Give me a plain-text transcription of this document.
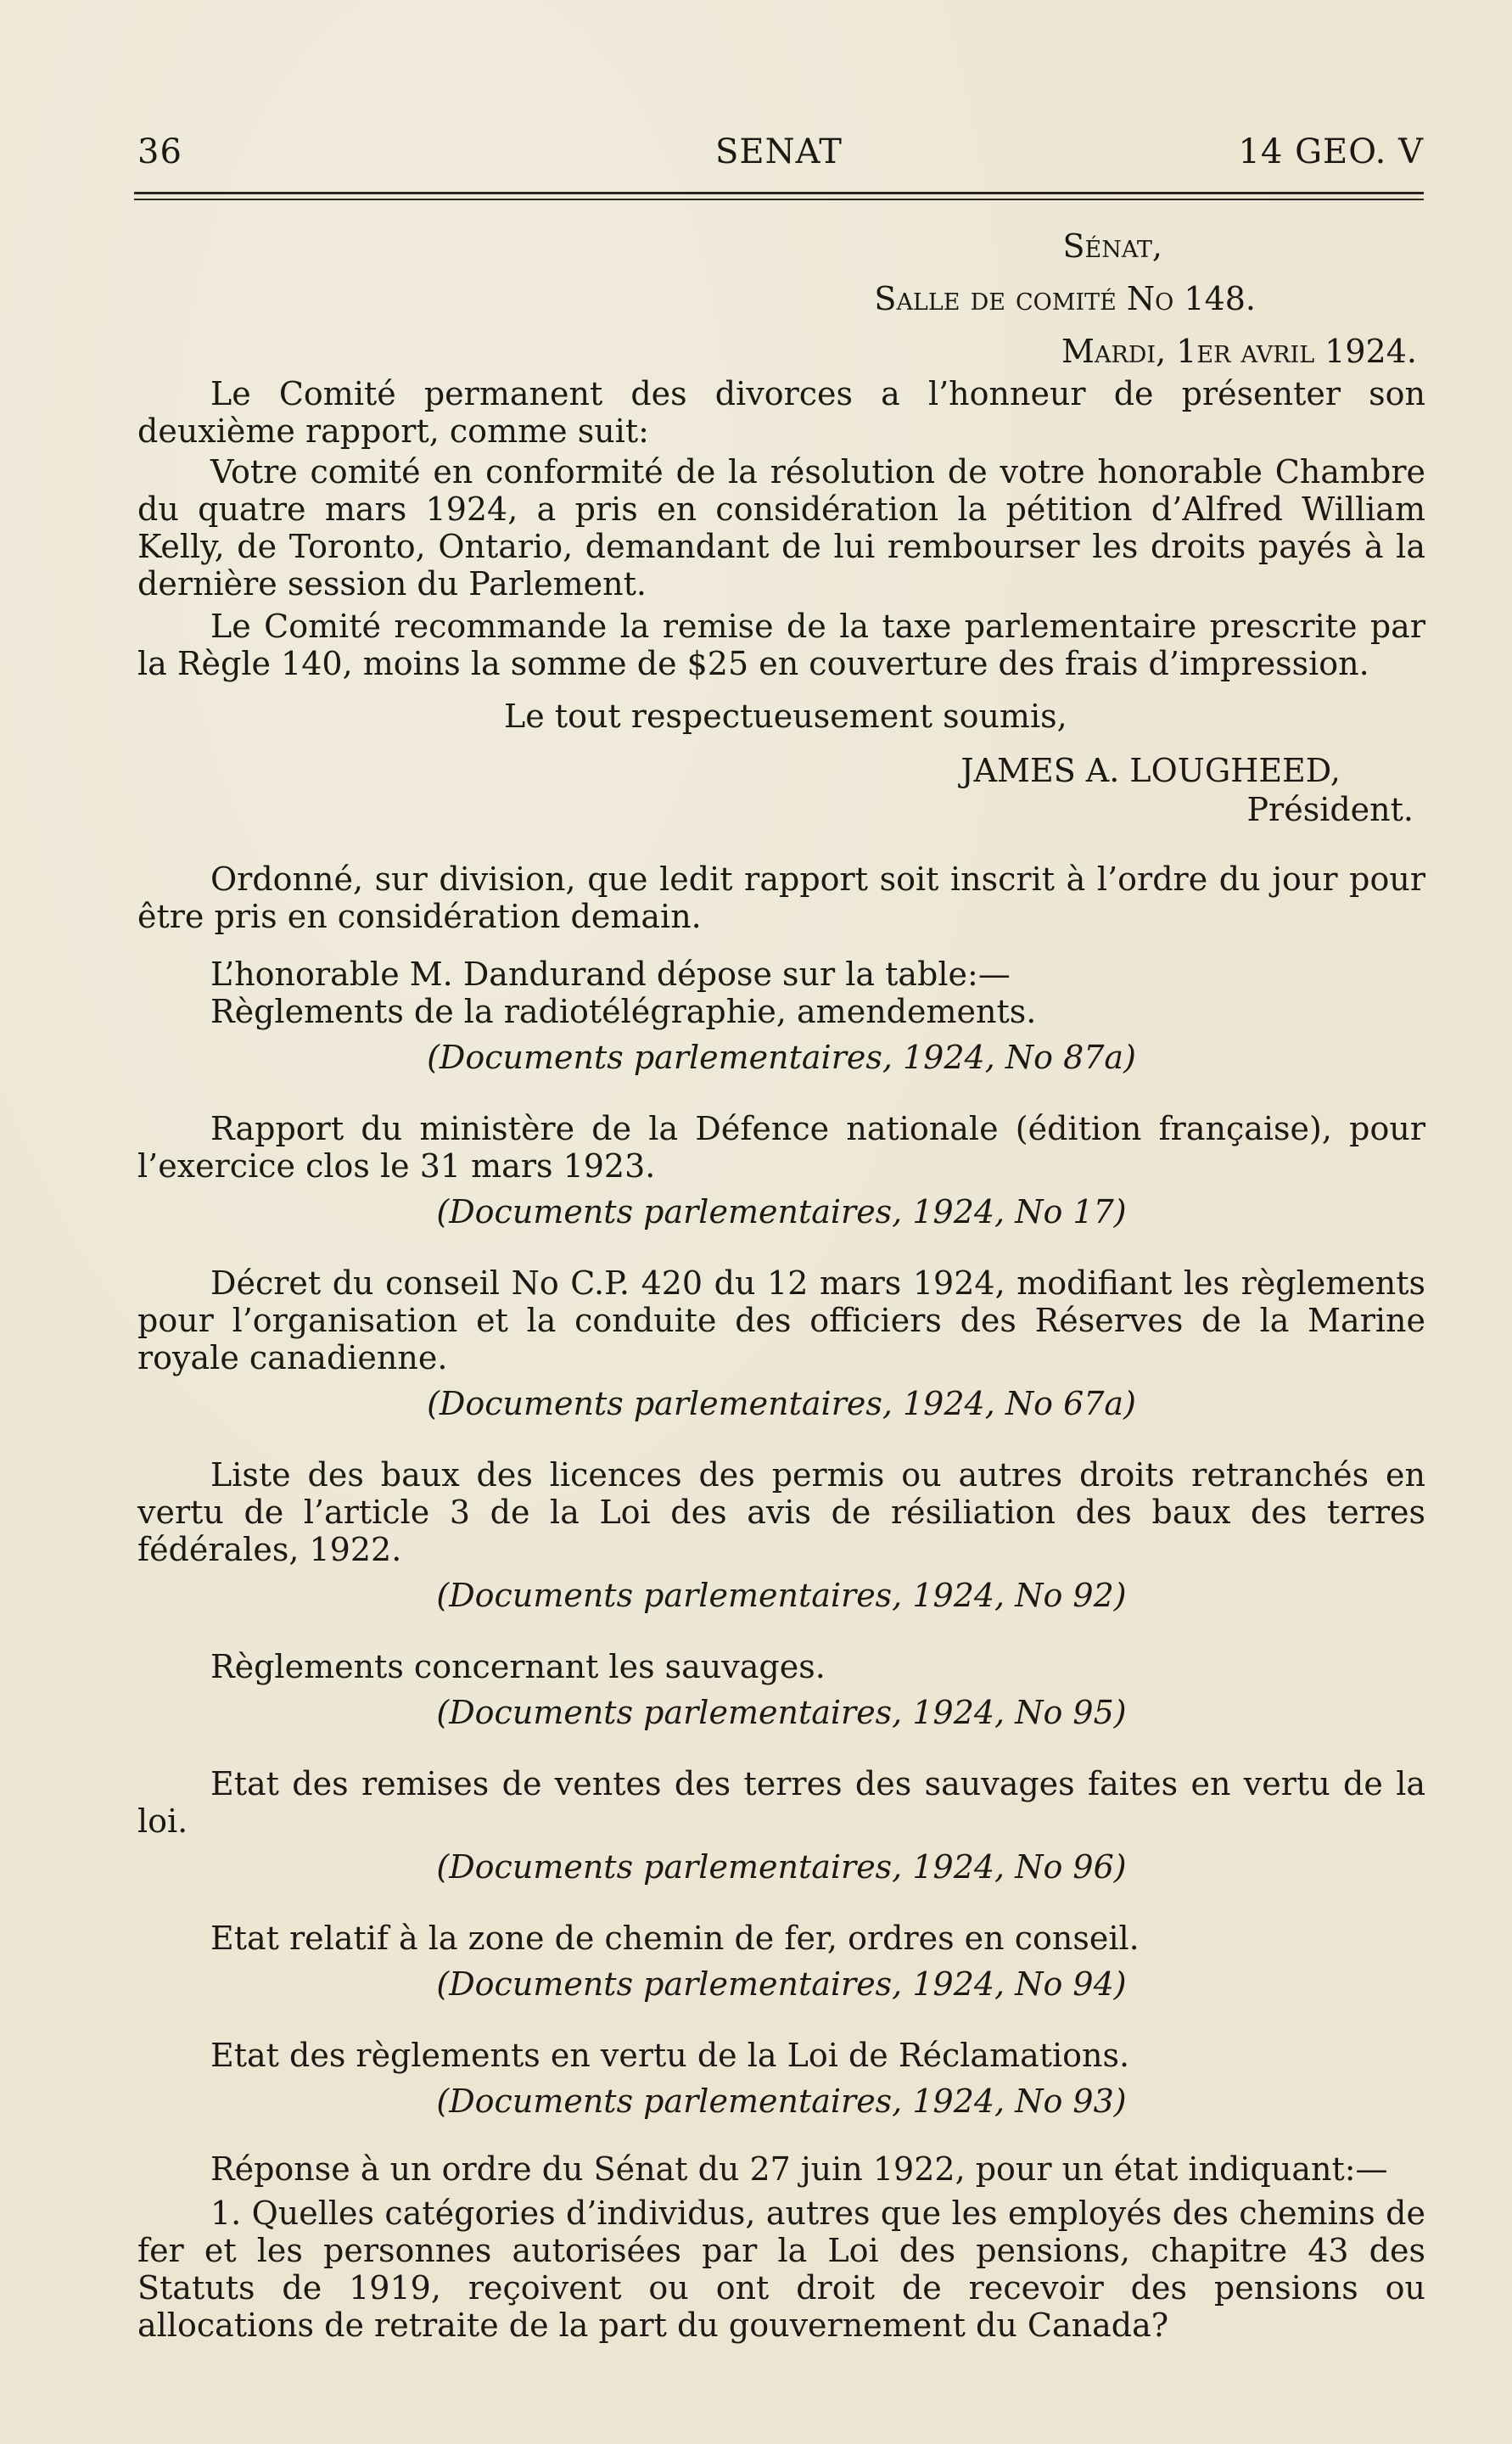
36	SENAT	14 GEO. V

Sénat,

Salle de comité No 148.

Mardi, 1er avril 1924.

Le Comité permanent des divorces a l’honneur de présenter son deuxième rapport, comme suit:

Votre comité en conformité de la résolution de votre honorable Chambre du quatre mars 1924, a pris en considération la pétition d’Alfred William Kelly, de Toronto, Ontario, demandant de lui rembourser les droits payés à la dernière session du Parlement.

Le Comité recommande la remise de la taxe parlementaire prescrite par la Règle 140, moins la somme de $25 en couverture des frais d’impression.

Le tout respectueusement soumis,

JAMES A. LOUGHEED,

Président.

Ordonné, sur division, que ledit rapport soit inscrit à l’ordre du jour pour être pris en considération demain.

L’honorable M. Dandurand dépose sur la table:—

Règlements de la radiotélégraphie, amendements.

(Documents parlementaires, 1924, No 87a)

Rapport du ministère de la Défence nationale (édition française), pour l’exercice clos le 31 mars 1923.

(Documents parlementaires, 1924, No 17)

Décret du conseil No C.P. 420 du 12 mars 1924, modifiant les règlements pour l’organisation et la conduite des officiers des Réserves de la Marine royale canadienne.

(Documents parlementaires, 1924, No 67a)

Liste des baux des licences des permis ou autres droits retranchés en vertu de l’article 3 de la Loi des avis de résiliation des baux des terres fédérales, 1922.

(Documents parlementaires, 1924, No 92)

Règlements concernant les sauvages.

(Documents parlementaires, 1924, No 95)

Etat des remises de ventes des terres des sauvages faites en vertu de la loi.

(Documents parlementaires, 1924, No 96)

Etat relatif à la zone de chemin de fer, ordres en conseil.

(Documents parlementaires, 1924, No 94)

Etat des règlements en vertu de la Loi de Réclamations.

(Documents parlementaires, 1924, No 93)

Réponse à un ordre du Sénat du 27 juin 1922, pour un état indiquant:—

1. Quelles catégories d’individus, autres que les employés des chemins de fer et les personnes autorisées par la Loi des pensions, chapitre 43 des Statuts de 1919, reçoivent ou ont droit de recevoir des pensions ou allocations de retraite de la part du gouvernement du Canada?
